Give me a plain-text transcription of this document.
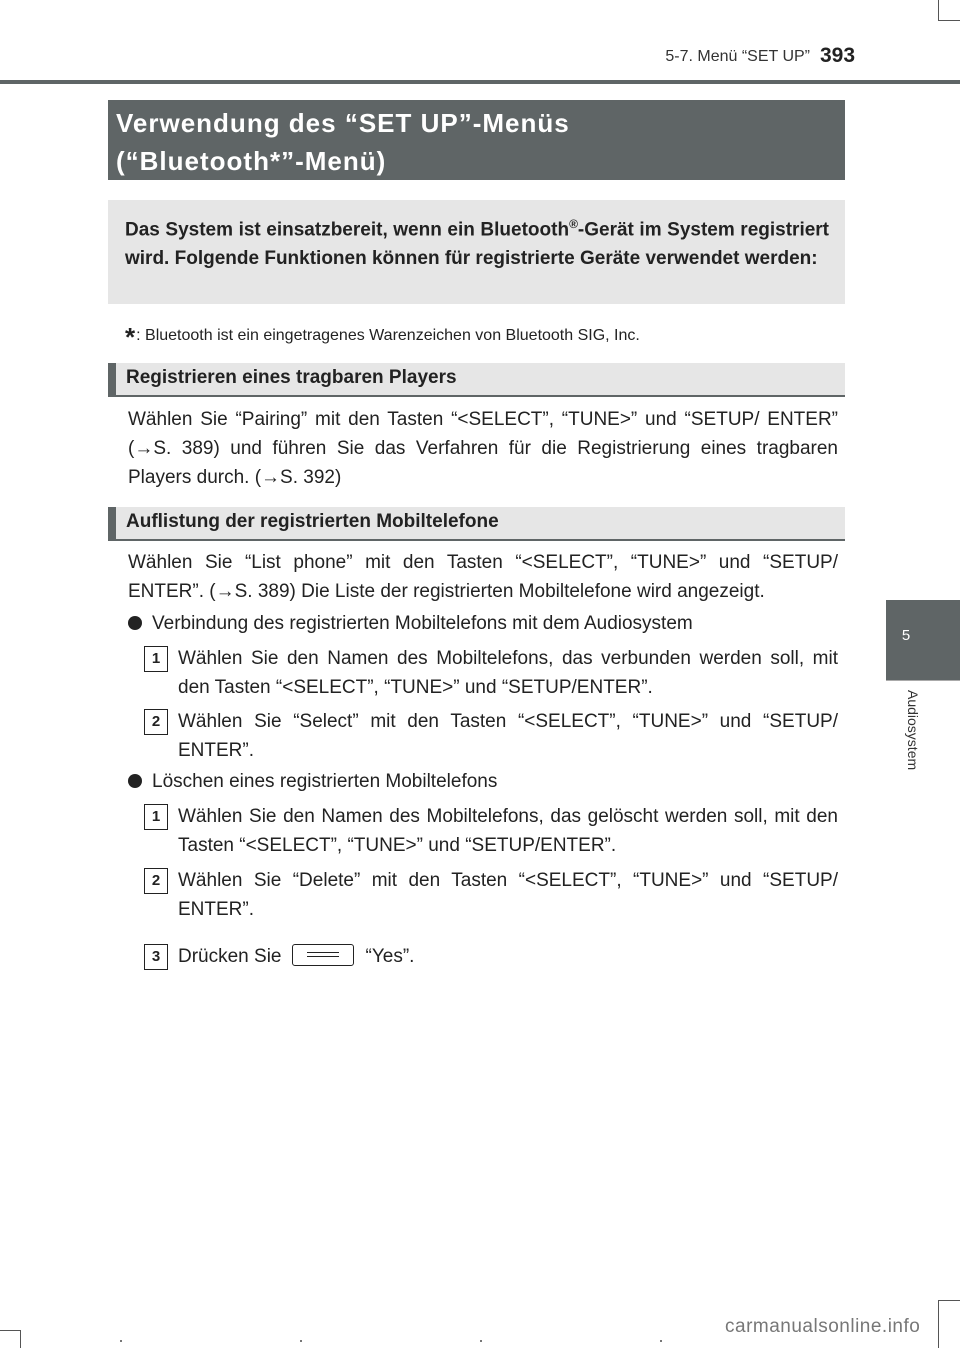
5-7. Menü “SET UP” 393
5
Audiosystem
Verwendung des “SET UP”-Menüs
(“Bluetooth*”-Menü)
Das System ist einsatzbereit, wenn ein Bluetooth®-Gerät im System registriert wird. Folgende Funktionen können für registrierte Geräte verwendet werden:
*: Bluetooth ist ein eingetragenes Warenzeichen von Bluetooth SIG, Inc.
Registrieren eines tragbaren Players
Wählen Sie “Pairing” mit den Tasten “<SELECT”, “TUNE>” und “SETUP/ ENTER” (→S. 389) und führen Sie das Verfahren für die Registrierung eines tragbaren Players durch. (→S. 392)
Auflistung der registrierten Mobiltelefone
Wählen Sie “List phone” mit den Tasten “<SELECT”, “TUNE>” und “SETUP/ ENTER”. (→S. 389) Die Liste der registrierten Mobiltelefone wird angezeigt.
Verbindung des registrierten Mobiltelefons mit dem Audiosystem
1 Wählen Sie den Namen des Mobiltelefons, das verbunden werden soll, mit den Tasten “<SELECT”, “TUNE>” und “SETUP/ENTER”.
2 Wählen Sie “Select” mit den Tasten “<SELECT”, “TUNE>” und “SETUP/ ENTER”.
Löschen eines registrierten Mobiltelefons
1 Wählen Sie den Namen des Mobiltelefons, das gelöscht werden soll, mit den Tasten “<SELECT”, “TUNE>” und “SETUP/ENTER”.
2 Wählen Sie “Delete” mit den Tasten “<SELECT”, “TUNE>” und “SETUP/ ENTER”.
3 Drücken Sie	“Yes”.
carmanualsonline.info
